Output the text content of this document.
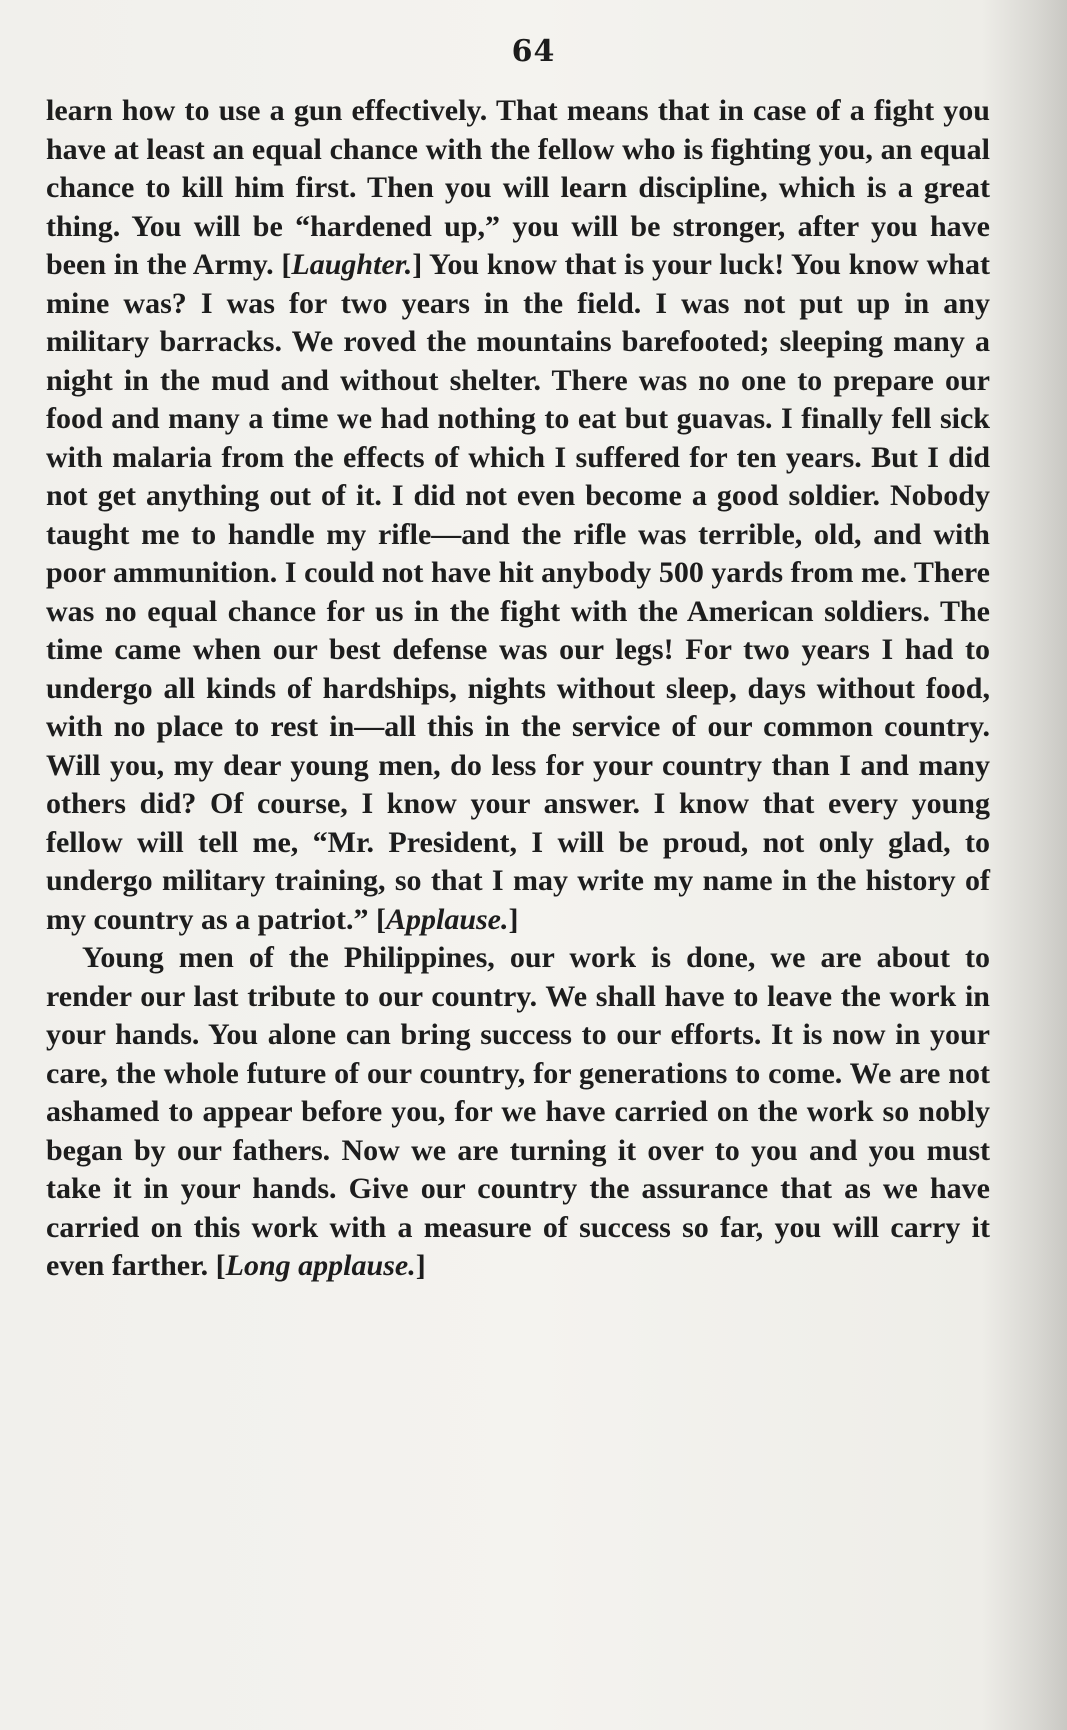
64

learn how to use a gun effectively. That means that in case of a fight you have at least an equal chance with the fellow who is fighting you, an equal chance to kill him first. Then you will learn discipline, which is a great thing. You will be “hardened up,” you will be stronger, after you have been in the Army. [Laughter.] You know that is your luck! You know what mine was? I was for two years in the field. I was not put up in any military barracks. We roved the mountains barefooted; sleeping many a night in the mud and without shelter. There was no one to prepare our food and many a time we had nothing to eat but guavas. I finally fell sick with malaria from the effects of which I suffered for ten years. But I did not get anything out of it. I did not even become a good soldier. Nobody taught me to handle my rifle—and the rifle was terrible, old, and with poor ammunition. I could not have hit anybody 500 yards from me. There was no equal chance for us in the fight with the American soldiers. The time came when our best defense was our legs! For two years I had to undergo all kinds of hardships, nights without sleep, days without food, with no place to rest in—all this in the service of our common country. Will you, my dear young men, do less for your country than I and many others did? Of course, I know your answer. I know that every young fellow will tell me, “Mr. President, I will be proud, not only glad, to undergo military training, so that I may write my name in the history of my country as a patriot.” [Applause.]

Young men of the Philippines, our work is done, we are about to render our last tribute to our country. We shall have to leave the work in your hands. You alone can bring success to our efforts. It is now in your care, the whole future of our country, for generations to come. We are not ashamed to appear before you, for we have carried on the work so nobly began by our fathers. Now we are turning it over to you and you must take it in your hands. Give our country the assurance that as we have carried on this work with a measure of success so far, you will carry it even farther. [Long applause.]
